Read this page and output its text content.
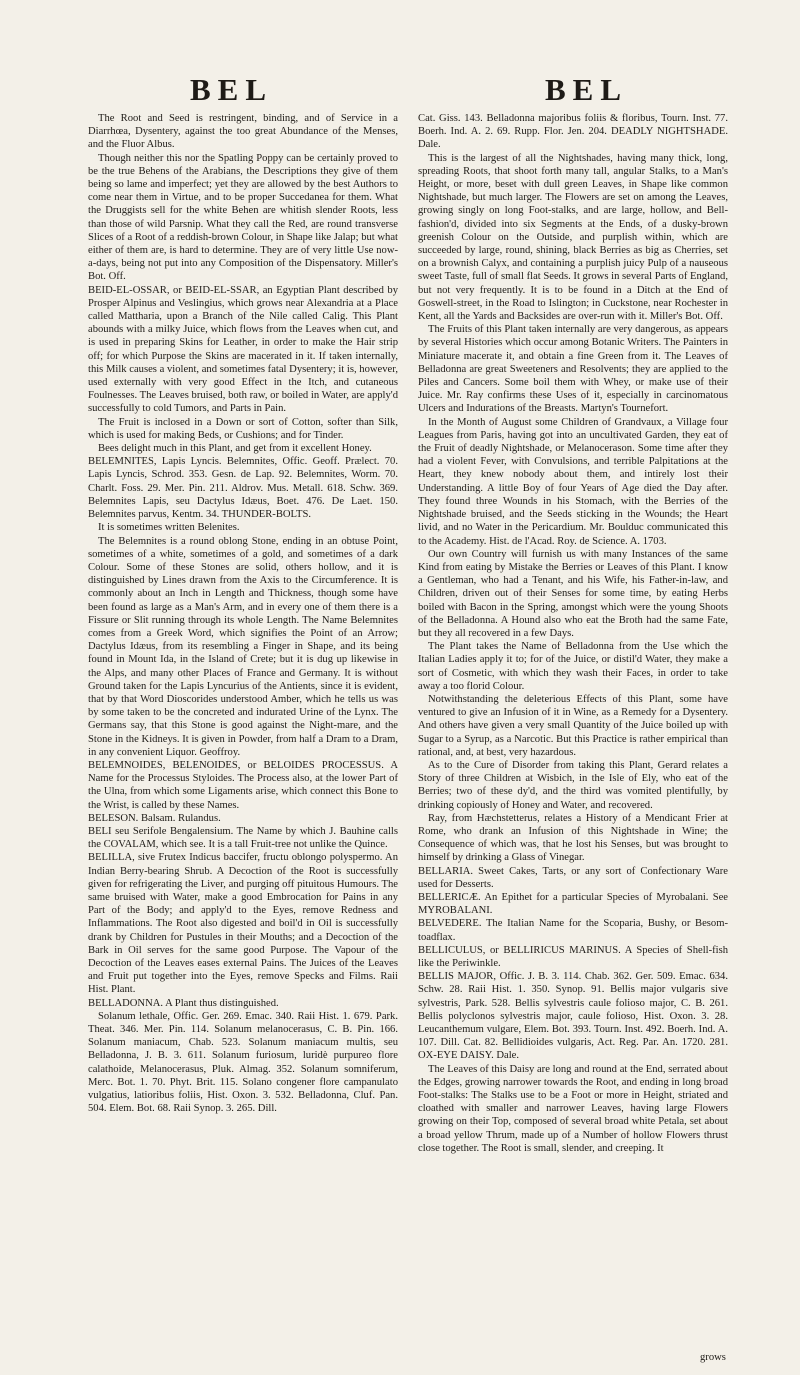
BEL	BEL

The Root and Seed is restringent, binding, and of Service in a Diarrhœa, Dysentery, against the too great Abundance of the Menses, and the Fluor Albus.

Though neither this nor the Spatling Poppy can be certainly proved to be the true Behens of the Arabians, the Descriptions they give of them being so lame and imperfect; yet they are allowed by the best Authors to come near them in Virtue, and to be proper Succedanea for them. What the Druggists sell for the white Behen are whitish slender Roots, less than those of wild Parsnip. What they call the Red, are round transverse Slices of a Root of a reddish-brown Colour, in Shape like Jalap; but what either of them are, is hard to determine. They are of very little Use now-a-days, being not put into any Composition of the Dispensatory. Miller's Bot. Off.

BEID-EL-OSSAR, or BEID-EL-SSAR, an Egyptian Plant described by Prosper Alpinus and Veslingius, which grows near Alexandria at a Place called Mattharia, upon a Branch of the Nile called Calig. This Plant abounds with a milky Juice, which flows from the Leaves when cut, and is used in preparing Skins for Leather, in order to make the Hair strip off; for which Purpose the Skins are macerated in it. If taken internally, this Milk causes a violent, and sometimes fatal Dysentery; it is, however, used externally with very good Effect in the Itch, and cutaneous Foulnesses. The Leaves bruised, both raw, or boiled in Water, are apply'd successfully to cold Tumors, and Parts in Pain.

The Fruit is inclosed in a Down or sort of Cotton, softer than Silk, which is used for making Beds, or Cushions; and for Tinder.

Bees delight much in this Plant, and get from it excellent Honey.

BELEMNITES, Lapis Lyncis. Belemnites, Offic. Geoff. Prælect. 70. Lapis Lyncis, Schrod. 353. Gesn. de Lap. 92. Belemnites, Worm. 70. Charlt. Foss. 29. Mer. Pin. 211. Aldrov. Mus. Metall. 618. Schw. 369. Belemnites Lapis, seu Dactylus Idæus, Boet. 476. De Laet. 150. Belemnites parvus, Kentm. 34. THUNDER-BOLTS.

It is sometimes written Belenites.

The Belemnites is a round oblong Stone, ending in an obtuse Point, sometimes of a white, sometimes of a gold, and sometimes of a dark Colour. Some of these Stones are solid, others hollow, and it is distinguished by Lines drawn from the Axis to the Circumference. It is commonly about an Inch in Length and Thickness, though some have been found as large as a Man's Arm, and in every one of them there is a Fissure or Slit running through its whole Length. The Name Belemnites comes from a Greek Word, which signifies the Point of an Arrow; Dactylus Idæus, from its resembling a Finger in Shape, and its being found in Mount Ida, in the Island of Crete; but it is dug up likewise in the Alps, and many other Places of France and Germany. It is without Ground taken for the Lapis Lyncurius of the Antients, since it is evident, that by that Word Dioscorides understood Amber, which he tells us was by some taken to be the concreted and indurated Urine of the Lynx. The Germans say, that this Stone is good against the Night-mare, and the Stone in the Kidneys. It is given in Powder, from half a Dram to a Dram, in any convenient Liquor. Geoffroy.

BELEMNOIDES, BELENOIDES, or BELOIDES PROCESSUS. A Name for the Processus Styloides. The Process also, at the lower Part of the Ulna, from which some Ligaments arise, which connect this Bone to the Wrist, is called by these Names.

BELESON. Balsam. Rulandus.

BELI seu Serifole Bengalensium. The Name by which J. Bauhine calls the COVALAM, which see. It is a tall Fruit-tree not unlike the Quince.

BELILLA, sive Frutex Indicus baccifer, fructu oblongo polyspermo. An Indian Berry-bearing Shrub. A Decoction of the Root is successfully given for refrigerating the Liver, and purging off pituitous Humours. The same bruised with Water, make a good Embrocation for Pains in any Part of the Body; and apply'd to the Eyes, remove Redness and Inflammations. The Root also digested and boil'd in Oil is successfully drank by Children for Pustules in their Mouths; and a Decoction of the Bark in Oil serves for the same good Purpose. The Vapour of the Decoction of the Leaves eases external Pains. The Juices of the Leaves and Fruit put together into the Eyes, remove Specks and Films. Raii Hist. Plant.

BELLADONNA. A Plant thus distinguished.

Solanum lethale, Offic. Ger. 269. Emac. 340. Raii Hist. 1. 679. Park. Theat. 346. Mer. Pin. 114. Solanum melanocerasus, C. B. Pin. 166. Solanum maniacum, Chab. 523. Solanum maniacum multis, seu Belladonna, J. B. 3. 611. Solanum furiosum, luridè purpureo flore calathoide, Melanocerasus, Pluk. Almag. 352. Solanum somniferum, Merc. Bot. 1. 70. Phyt. Brit. 115. Solano congener flore campanulato vulgatius, latioribus foliis, Hist. Oxon. 3. 532. Belladonna, Cluf. Pan. 504. Elem. Bot. 68. Raii Synop. 3. 265. Dill.

Cat. Giss. 143. Belladonna majoribus foliis & floribus, Tourn. Inst. 77. Boerh. Ind. A. 2. 69. Rupp. Flor. Jen. 204. DEADLY NIGHTSHADE. Dale.

This is the largest of all the Nightshades, having many thick, long, spreading Roots, that shoot forth many tall, angular Stalks, to a Man's Height, or more, beset with dull green Leaves, in Shape like common Nightshade, but much larger. The Flowers are set on among the Leaves, growing singly on long Foot-stalks, and are large, hollow, and Bell-fashion'd, divided into six Segments at the Ends, of a dusky-brown greenish Colour on the Outside, and purplish within, which are succeeded by large, round, shining, black Berries as big as Cherries, set on a brownish Calyx, and containing a purplish juicy Pulp of a nauseous sweet Taste, full of small flat Seeds. It grows in several Parts of England, but not very frequently. It is to be found in a Ditch at the End of Goswell-street, in the Road to Islington; in Cuckstone, near Rochester in Kent, all the Yards and Backsides are over-run with it. Miller's Bot. Off.

The Fruits of this Plant taken internally are very dangerous, as appears by several Histories which occur among Botanic Writers. The Painters in Miniature macerate it, and obtain a fine Green from it. The Leaves of Belladonna are great Sweeteners and Resolvents; they are applied to the Piles and Cancers. Some boil them with Whey, or make use of their Juice. Mr. Ray confirms these Uses of it, especially in carcinomatous Ulcers and Indurations of the Breasts. Martyn's Tournefort.

In the Month of August some Children of Grandvaux, a Village four Leagues from Paris, having got into an uncultivated Garden, they eat of the Fruit of deadly Nightshade, or Melanocerason. Some time after they had a violent Fever, with Convulsions, and terrible Palpitations at the Heart, they knew nobody about them, and intirely lost their Understanding. A little Boy of four Years of Age died the Day after. They found three Wounds in his Stomach, with the Berries of the Nightshade bruised, and the Seeds sticking in the Wounds; the Heart livid, and no Water in the Pericardium. Mr. Boulduc communicated this to the Academy. Hist. de l'Acad. Roy. de Science. A. 1703.

Our own Country will furnish us with many Instances of the same Kind from eating by Mistake the Berries or Leaves of this Plant. I know a Gentleman, who had a Tenant, and his Wife, his Father-in-law, and Children, driven out of their Senses for some time, by eating Herbs boiled with Bacon in the Spring, amongst which were the young Shoots of the Belladonna. A Hound also who eat the Broth had the same Fate, but they all recovered in a few Days.

The Plant takes the Name of Belladonna from the Use which the Italian Ladies apply it to; for of the Juice, or distil'd Water, they make a sort of Cosmetic, with which they wash their Faces, in order to take away a too florid Colour.

Notwithstanding the deleterious Effects of this Plant, some have ventured to give an Infusion of it in Wine, as a Remedy for a Dysentery. And others have given a very small Quantity of the Juice boiled up with Sugar to a Syrup, as a Narcotic. But this Practice is rather empirical than rational, and, at best, very hazardous.

As to the Cure of Disorder from taking this Plant, Gerard relates a Story of three Children at Wisbich, in the Isle of Ely, who eat of the Berries; two of these dy'd, and the third was vomited plentifully, by drinking copiously of Honey and Water, and recovered.

Ray, from Hæchstetterus, relates a History of a Mendicant Frier at Rome, who drank an Infusion of this Nightshade in Wine; the Consequence of which was, that he lost his Senses, but was brought to himself by drinking a Glass of Vinegar.

BELLARIA. Sweet Cakes, Tarts, or any sort of Confectionary Ware used for Desserts.

BELLERICÆ. An Epithet for a particular Species of Myrobalani. See MYROBALANI.

BELVEDERE. The Italian Name for the Scoparia, Bushy, or Besom-toadflax.

BELLICULUS, or BELLIRICUS MARINUS. A Species of Shell-fish like the Periwinkle.

BELLIS MAJOR, Offic. J. B. 3. 114. Chab. 362. Ger. 509. Emac. 634. Schw. 28. Raii Hist. 1. 350. Synop. 91. Bellis major vulgaris sive sylvestris, Park. 528. Bellis sylvestris caule folioso major, C. B. 261. Bellis polyclonos sylvestris major, caule folioso, Hist. Oxon. 3. 28. Leucanthemum vulgare, Elem. Bot. 393. Tourn. Inst. 492. Boerh. Ind. A. 107. Dill. Cat. 82. Bellidioides vulgaris, Act. Reg. Par. An. 1720. 281. OX-EYE DAISY. Dale.

The Leaves of this Daisy are long and round at the End, serrated about the Edges, growing narrower towards the Root, and ending in long broad Foot-stalks: The Stalks use to be a Foot or more in Height, striated and cloathed with smaller and narrower Leaves, having large Flowers growing on their Top, composed of several broad white Petala, set about a broad yellow Thrum, made up of a Number of hollow Flowers thrust close together. The Root is small, slender, and creeping. It

grows
